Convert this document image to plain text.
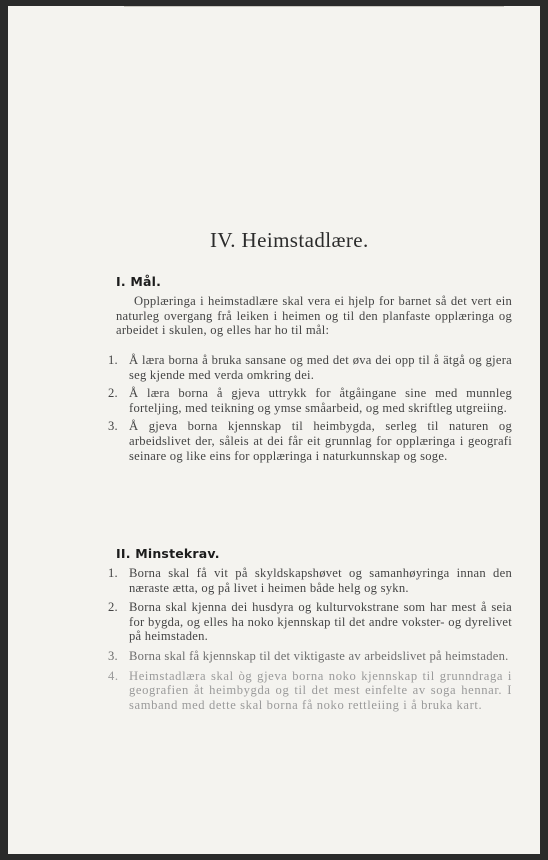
IV. Heimstadlære.
I. Mål.
Opplæringa i heimstadlære skal vera ei hjelp for barnet så det vert ein naturleg overgang frå leiken i heimen og til den planfaste opplæringa og arbeidet i skulen, og elles har ho til mål:
1. Å læra borna å bruka sansane og med det øva dei opp til å ätgå og gjera seg kjende med verda omkring dei.
2. Å læra borna å gjeva uttrykk for åtgåingane sine med munnleg forteljing, med teikning og ymse småarbeid, og med skriftleg utgreiing.
3. Å gjeva borna kjennskap til heimbygda, serleg til naturen og arbeidslivet der, såleis at dei får eit grunnlag for opplæringa i geografi seinare og like eins for opplæringa i naturkunnskap og soge.
II. Minstekrav.
1. Borna skal få vit på skyldskapshøvet og samanhøyringa innan den næraste ætta, og på livet i heimen både helg og sykn.
2. Borna skal kjenna dei husdyra og kulturvokstrane som har mest å seia for bygda, og elles ha noko kjennskap til det andre vokster- og dyrelivet på heimstaden.
3. Borna skal få kjennskap til det viktigaste av arbeidslivet på heimstaden.
4. Heimstadlæra skal òg gjeva borna noko kjennskap til grunndraga i geografien åt heimbygda og til det mest einfelte av soga hennar. I samband med dette skal borna få noko rettleiing i å bruka kart.
